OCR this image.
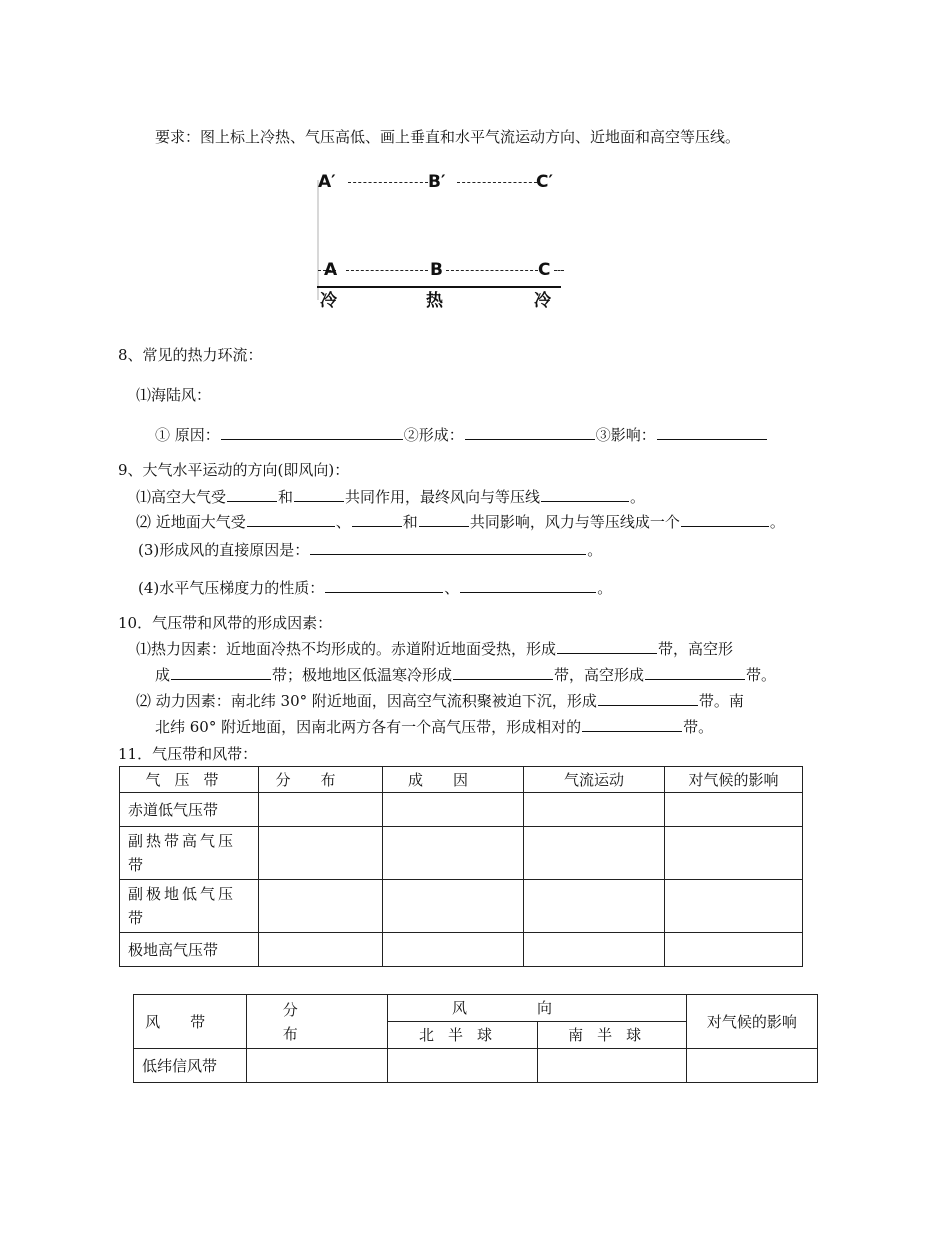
要求：图上标上冷热、气压高低、画上垂直和水平气流运动方向、近地面和高空等压线。
A′	B′	C′
A	B	C
冷	热	冷
8、常见的热力环流：
⑴海陆风：
① 原因：	②形成：	③影响：
9、大气水平运动的方向(即风向)：
⑴高空大气受	和	共同作用，最终风向与等压线	。
⑵ 近地面大气受	、	和	共同影响，风力与等压线成一个	。
(3)形成风的直接原因是：	。
(4)水平气压梯度力的性质：	、	。
10．气压带和风带的形成因素：
⑴热力因素：近地面冷热不均形成的。赤道附近地面受热，形成	带，高空形
成	带；极地地区低温寒冷形成	带，高空形成	带。
⑵ 动力因素：南北纬 30° 附近地面，因高空气流积聚被迫下沉，形成	带。南
北纬 60° 附近地面，因南北两方各有一个高气压带，形成相对的	带。
11．气压带和风带：
气压带	分布	成因	气流运动	对气候的影响

赤道低气压带				
副热带高气压带				
副极地低气压带				
极地高气压带				
风带	分布	风向		对气候的影响

		北半球	南半球	

低纬信风带				
